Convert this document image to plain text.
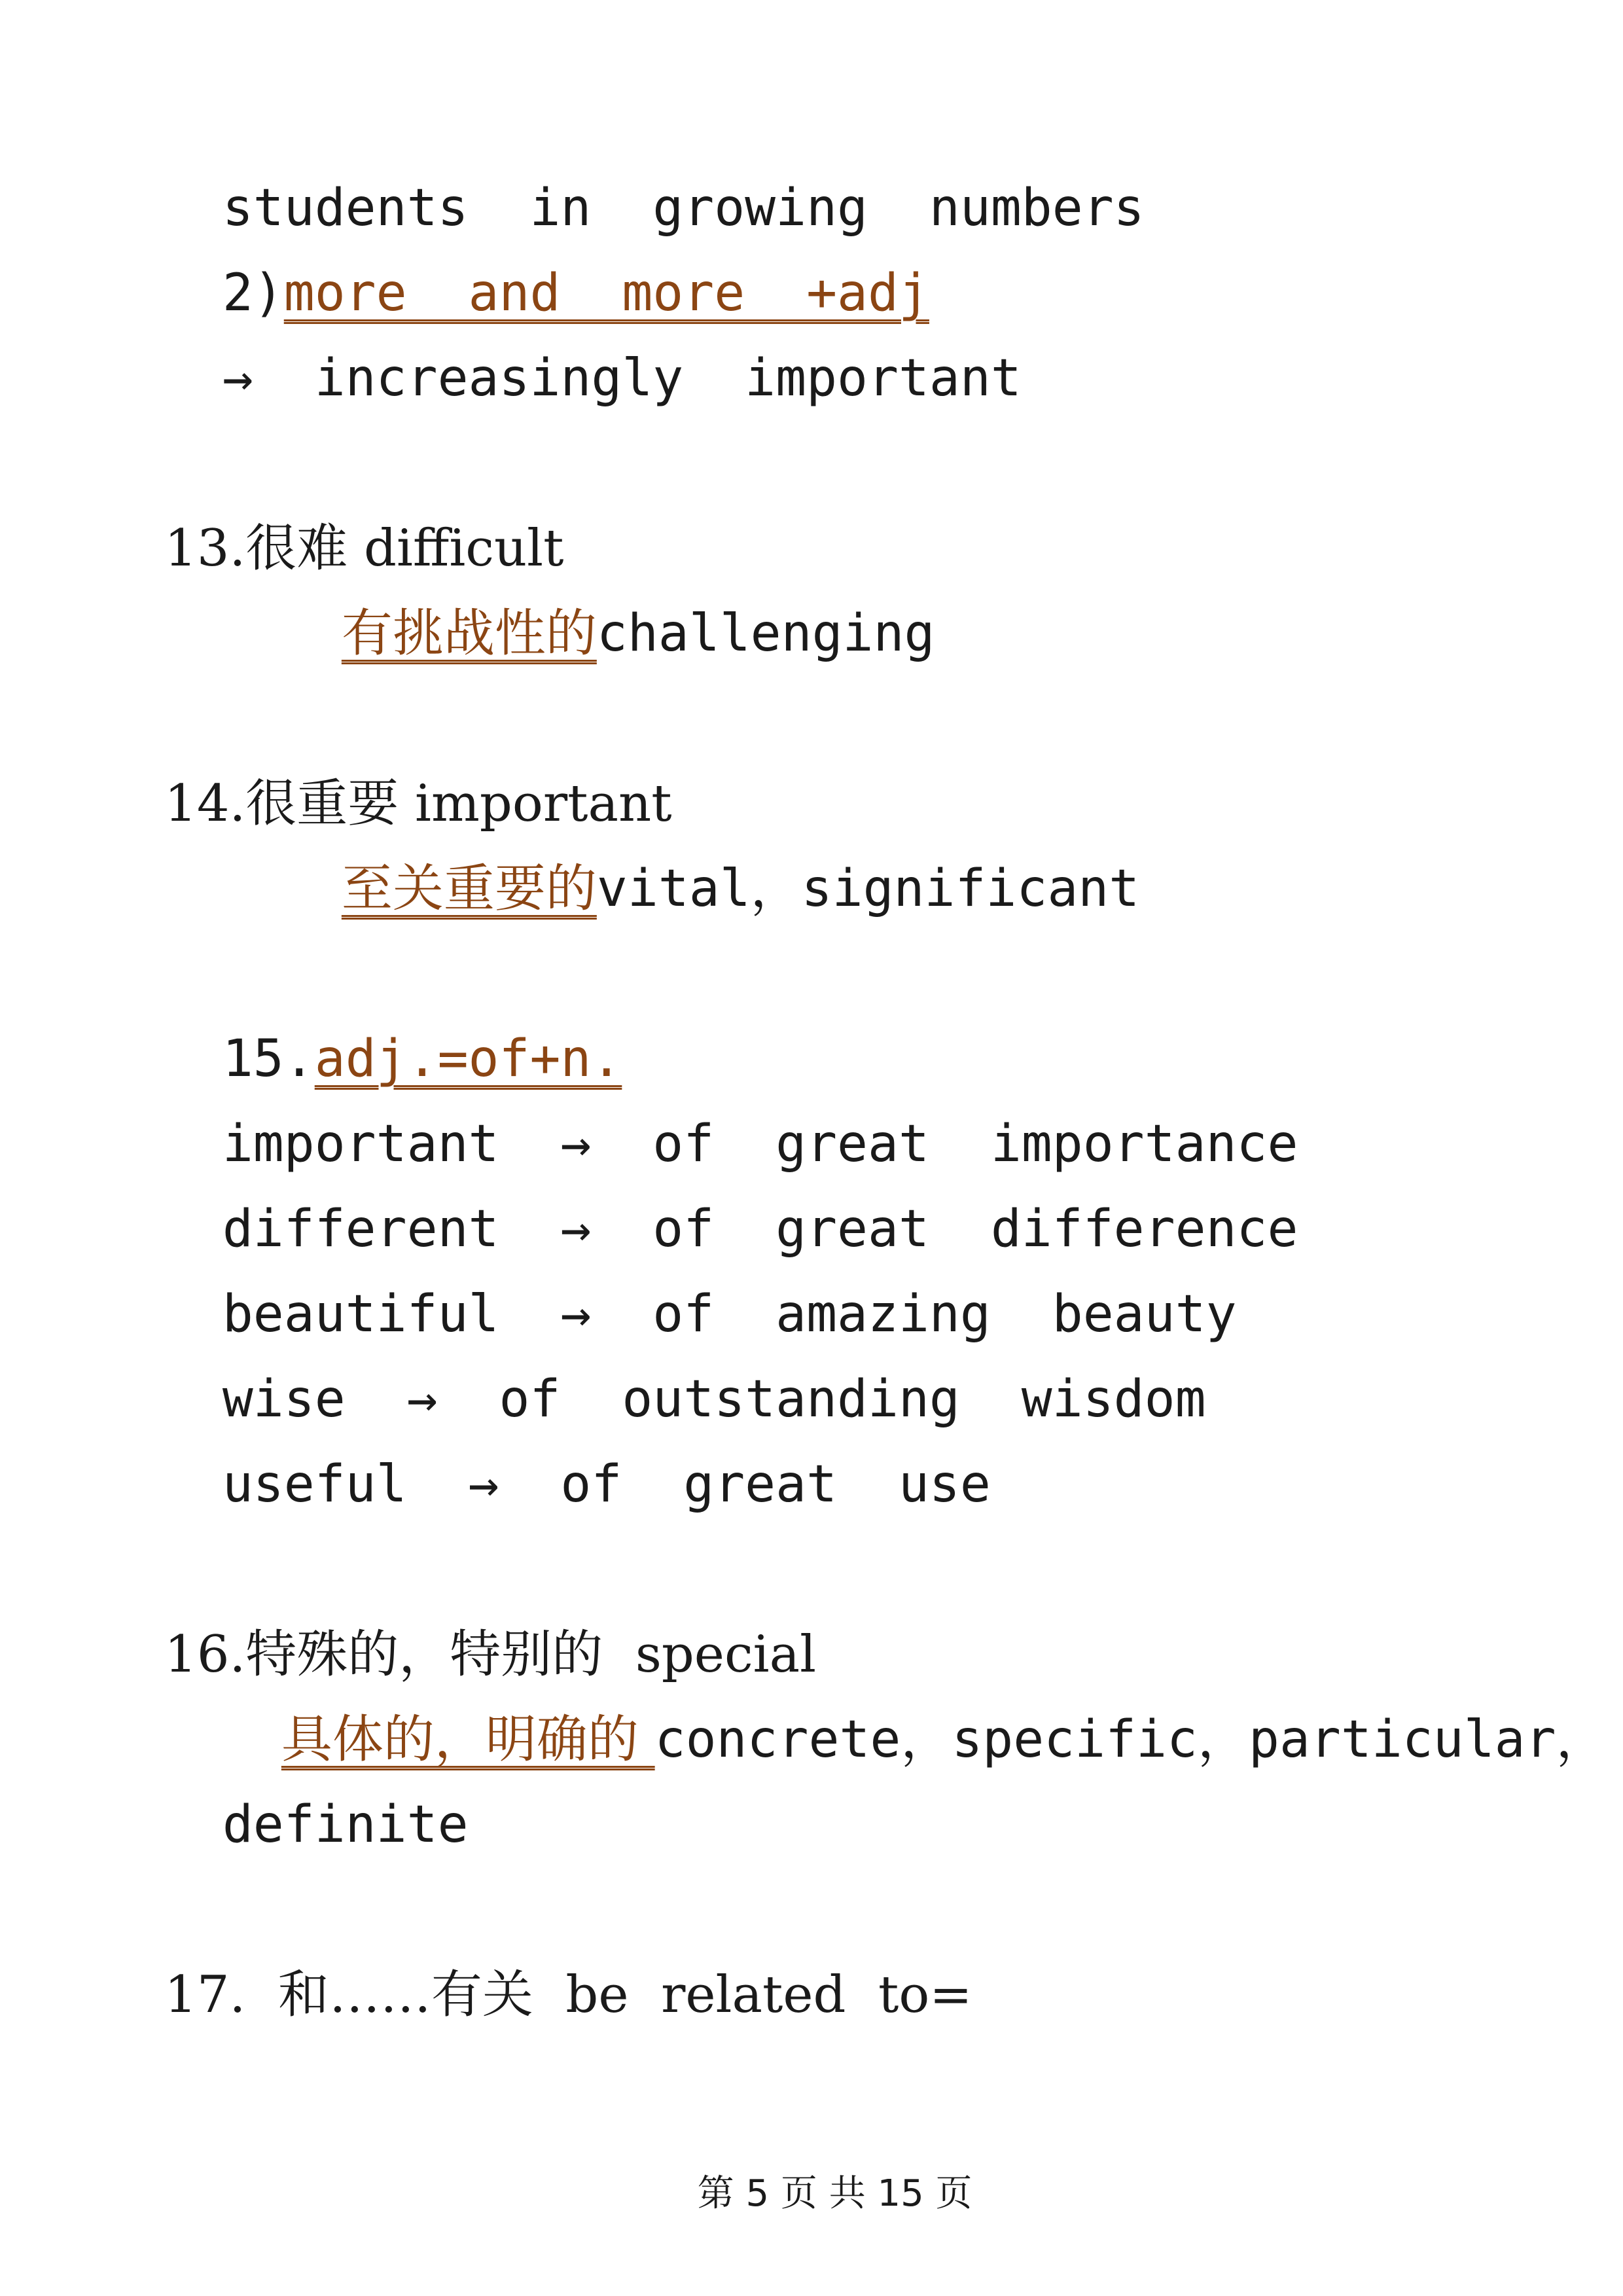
students  in  growing  numbers

2)more  and  more  +adj

→  increasingly  important

13.很难 difficult

有挑战性的challenging

14.很重要 important

至关重要的vital，significant

15.adj.=of+n.

important  →  of  great  importance

different  →  of  great  difference

beautiful  →  of  amazing  beauty

wise  →  of  outstanding  wisdom

useful  →  of  great  use

16.特殊的，特别的  special

具体的，明确的 concrete，specific，particular，

definite

17.  和……有关  be  related  to=

第 5 页 共 15 页
